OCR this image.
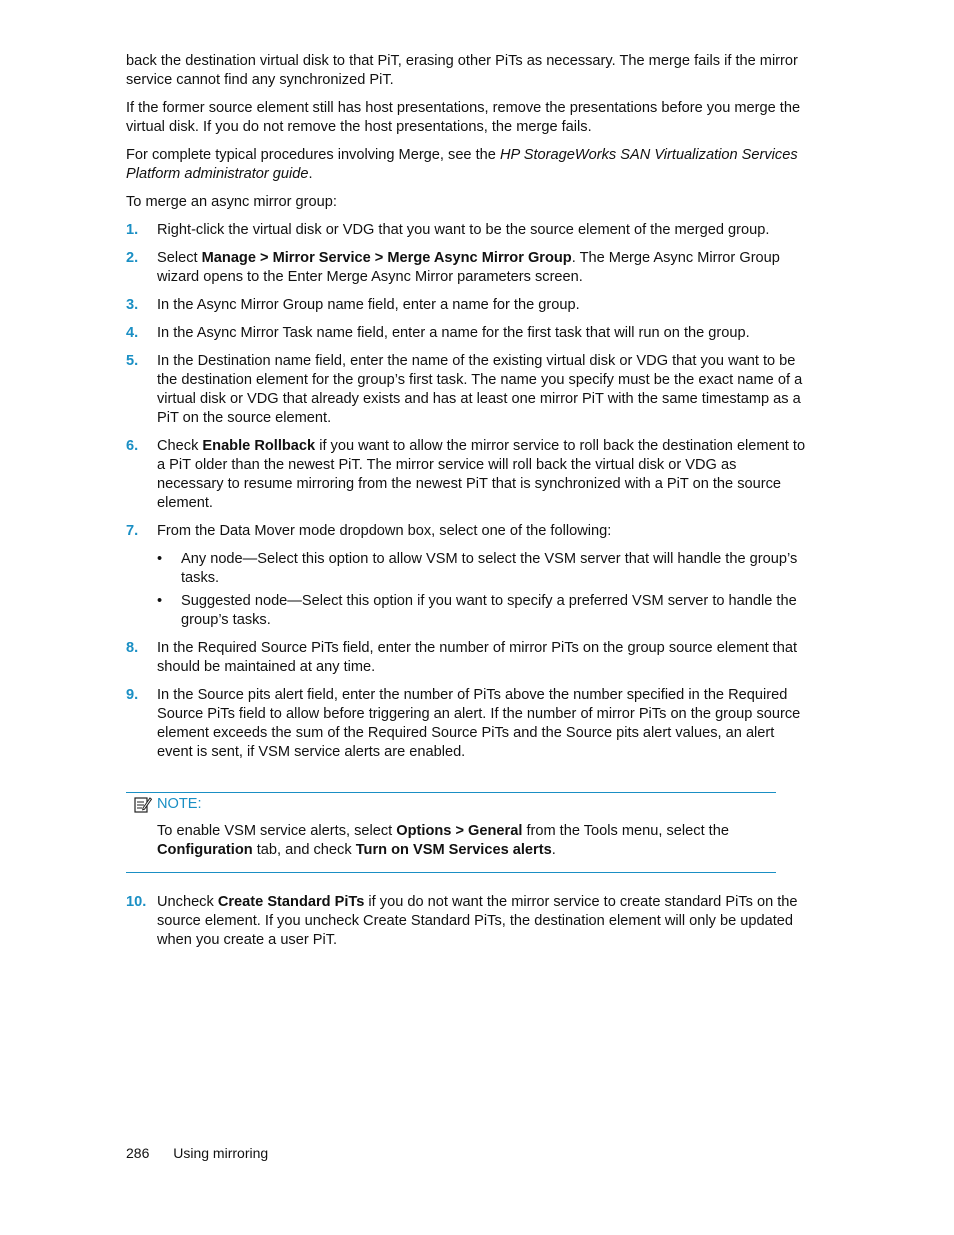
back the destination virtual disk to that PiT, erasing other PiTs as necessary. The merge fails if the mirror service cannot find any synchronized PiT.

If the former source element still has host presentations, remove the presentations before you merge the virtual disk. If you do not remove the host presentations, the merge fails.

For complete typical procedures involving Merge, see the HP StorageWorks SAN Virtualization Services Platform administrator guide.

To merge an async mirror group:

1. Right-click the virtual disk or VDG that you want to be the source element of the merged group.
2. Select Manage > Mirror Service > Merge Async Mirror Group. The Merge Async Mirror Group wizard opens to the Enter Merge Async Mirror parameters screen.
3. In the Async Mirror Group name field, enter a name for the group.
4. In the Async Mirror Task name field, enter a name for the first task that will run on the group.
5. In the Destination name field, enter the name of the existing virtual disk or VDG that you want to be the destination element for the group’s first task. The name you specify must be the exact name of a virtual disk or VDG that already exists and has at least one mirror PiT with the same timestamp as a PiT on the source element.
6. Check Enable Rollback if you want to allow the mirror service to roll back the destination element to a PiT older than the newest PiT. The mirror service will roll back the virtual disk or VDG as necessary to resume mirroring from the newest PiT that is synchronized with a PiT on the source element.
7. From the Data Mover mode dropdown box, select one of the following:
• Any node—Select this option to allow VSM to select the VSM server that will handle the group’s tasks.
• Suggested node—Select this option if you want to specify a preferred VSM server to handle the group’s tasks.
8. In the Required Source PiTs field, enter the number of mirror PiTs on the group source element that should be maintained at any time.
9. In the Source pits alert field, enter the number of PiTs above the number specified in the Required Source PiTs field to allow before triggering an alert. If the number of mirror PiTs on the group source element exceeds the sum of the Required Source PiTs and the Source pits alert values, an alert event is sent, if VSM service alerts are enabled.
NOTE:
To enable VSM service alerts, select Options > General from the Tools menu, select the Configuration tab, and check Turn on VSM Services alerts.
10. Uncheck Create Standard PiTs if you do not want the mirror service to create standard PiTs on the source element. If you uncheck Create Standard PiTs, the destination element will only be updated when you create a user PiT.
286 Using mirroring
